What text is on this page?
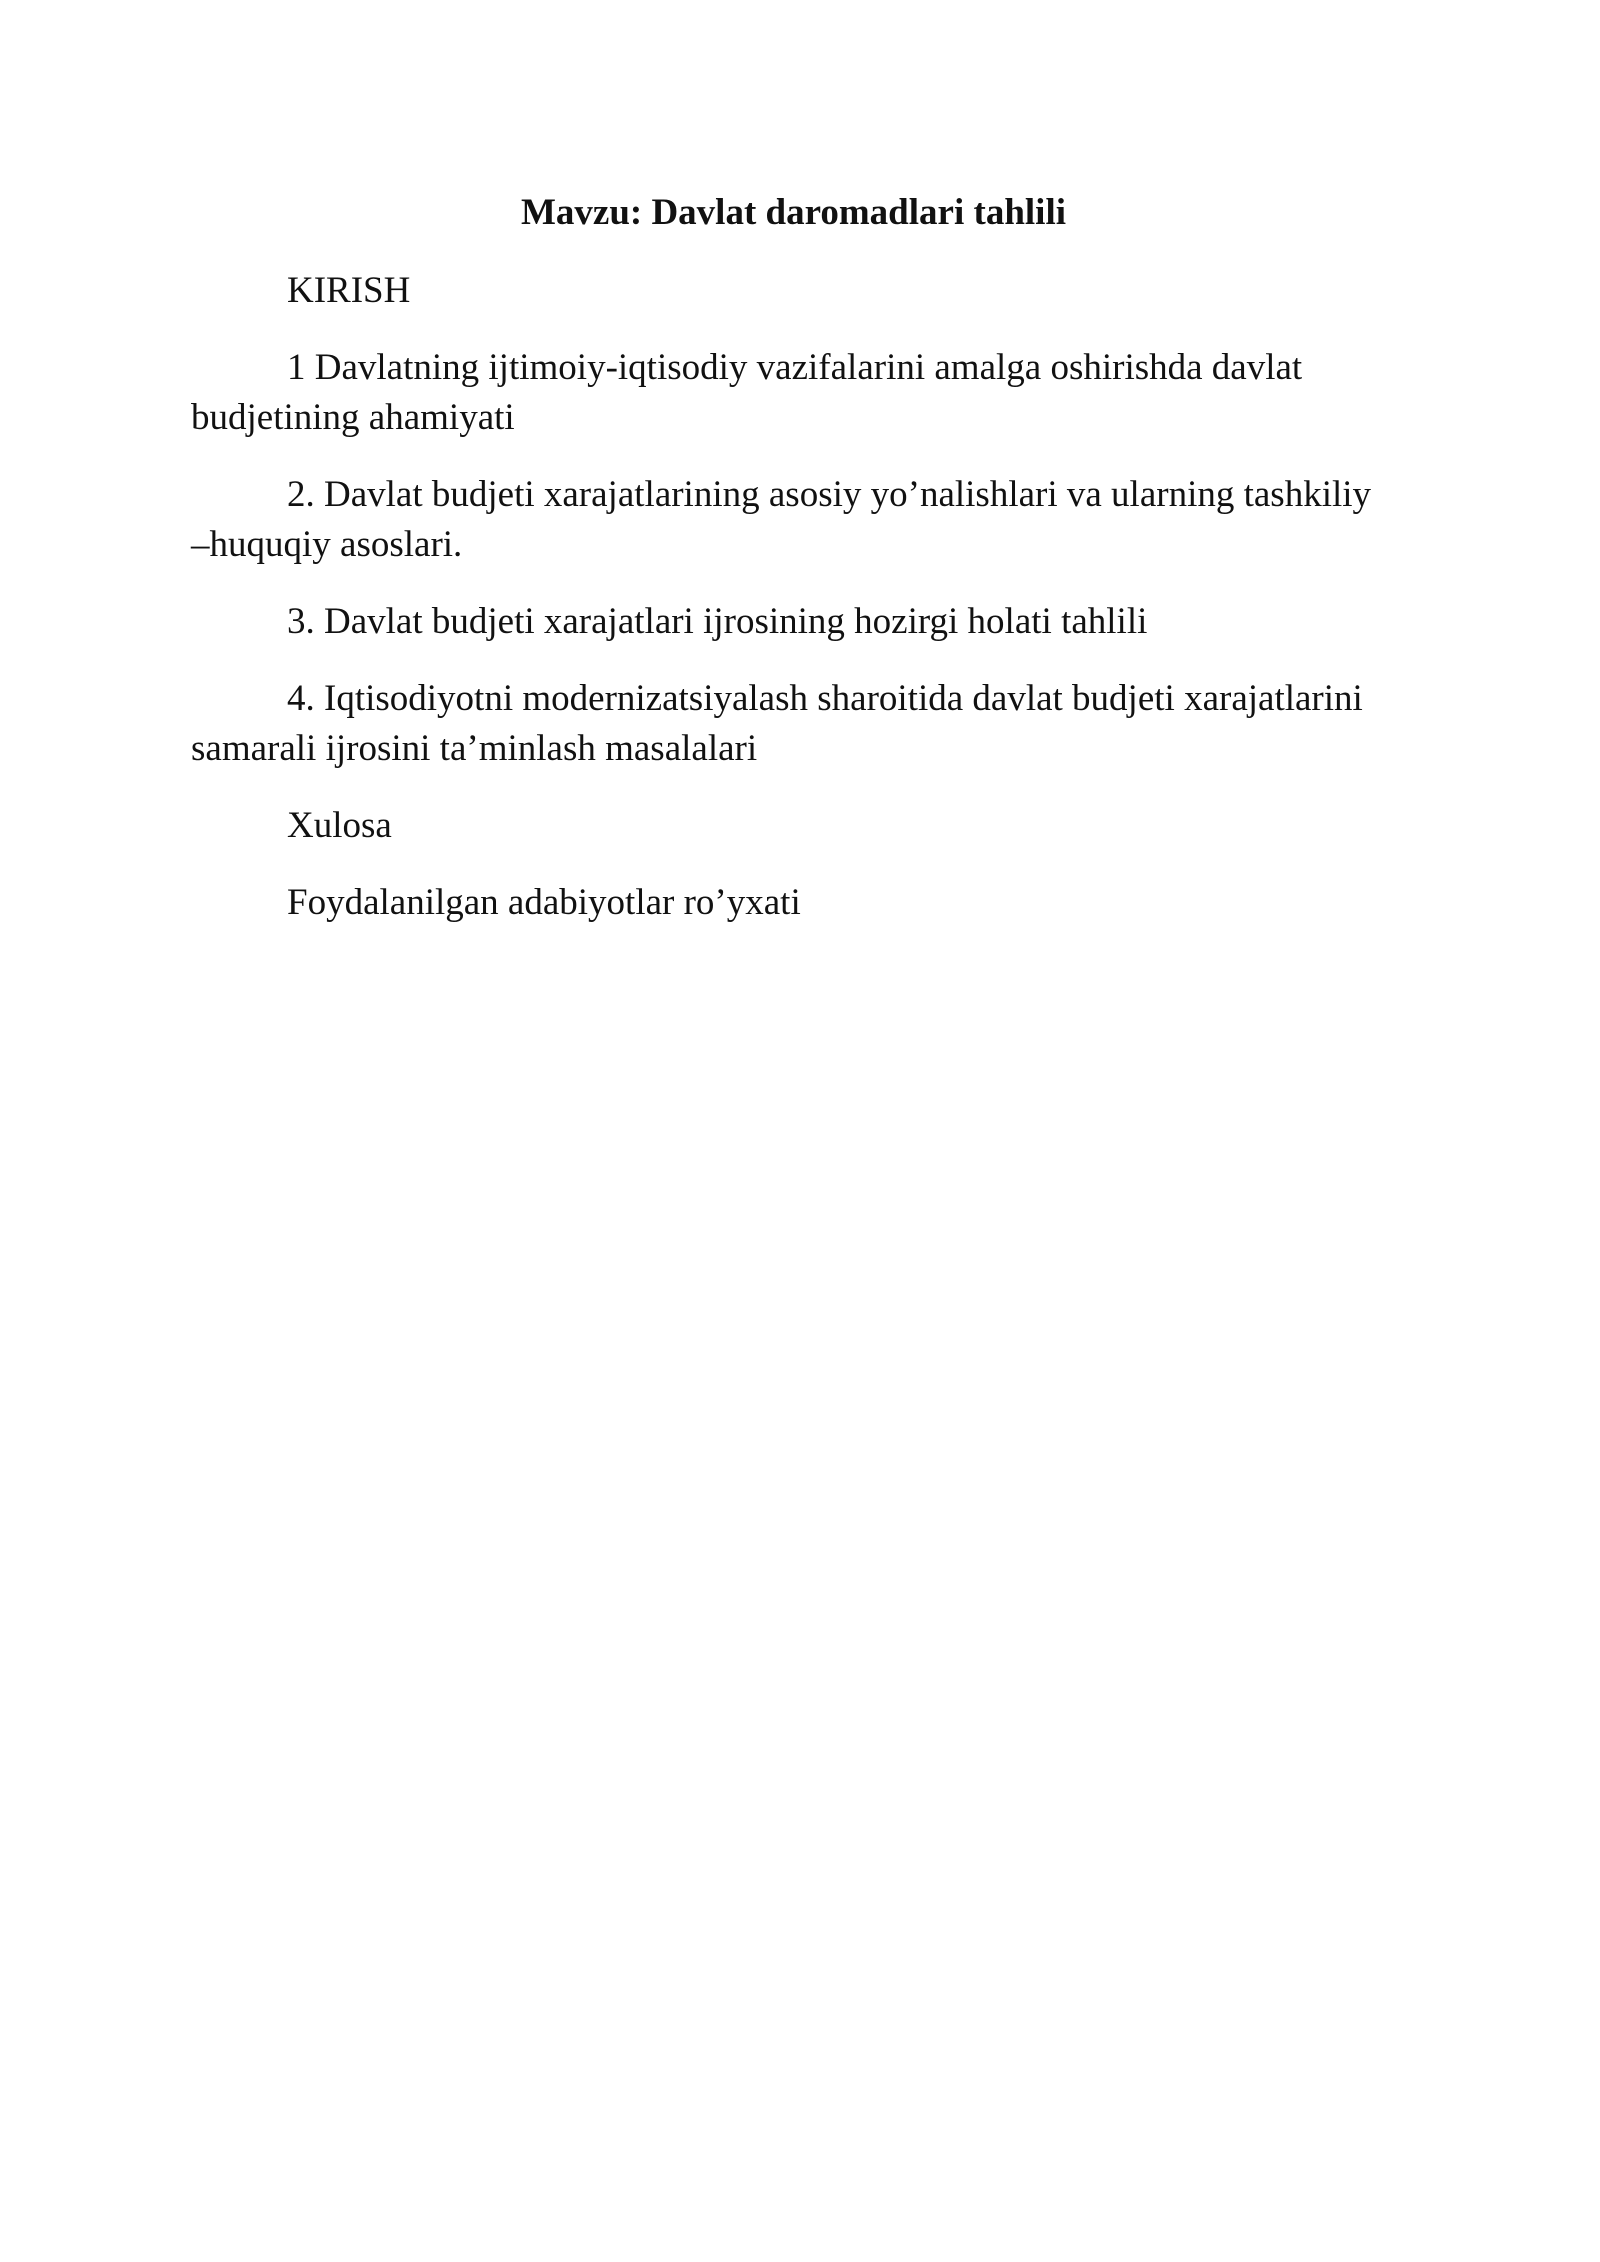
Mavzu: Davlat daromadlari tahlili

KIRISH

1 Davlatning ijtimoiy-iqtisodiy vazifalarini amalga oshirishda davlat budjetining ahamiyati

2. Davlat budjeti xarajatlarining asosiy yo’nalishlari va ularning tashkiliy –huquqiy asoslari.

3. Davlat budjeti xarajatlari ijrosining hozirgi holati tahlili

4. Iqtisodiyotni modernizatsiyalash sharoitida davlat budjeti xarajatlarini samarali ijrosini ta’minlash masalalari

Xulosa

Foydalanilgan adabiyotlar ro’yxati
